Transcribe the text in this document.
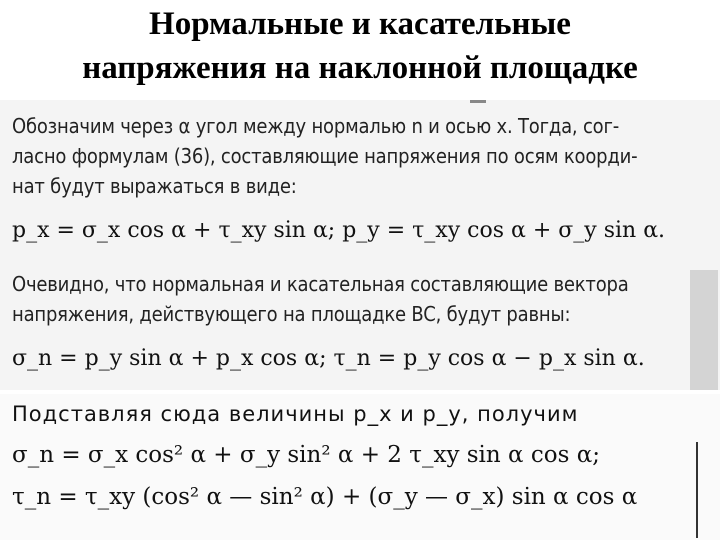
Нормальные и касательные
напряжения на наклонной площадке
Обозначим через α угол между нормалью n и осью x. Тогда, сог-
ласно формулам (36), составляющие напряжения по осям коорди-
нат будут выражаться в виде:
p_x = σ_x cos α + τ_xy sin α; p_y = τ_xy cos α + σ_y sin α.
Очевидно, что нормальная и касательная составляющие вектора
напряжения, действующего на площадке BC, будут равны:
σ_n = p_y sin α + p_x cos α; τ_n = p_y cos α − p_x sin α.
Подставляя сюда величины p_x и p_y, получим
σ_n = σ_x cos² α + σ_y sin² α + 2 τ_xy sin α cos α;
τ_n = τ_xy (cos² α — sin² α) + (σ_y — σ_x) sin α cos α
